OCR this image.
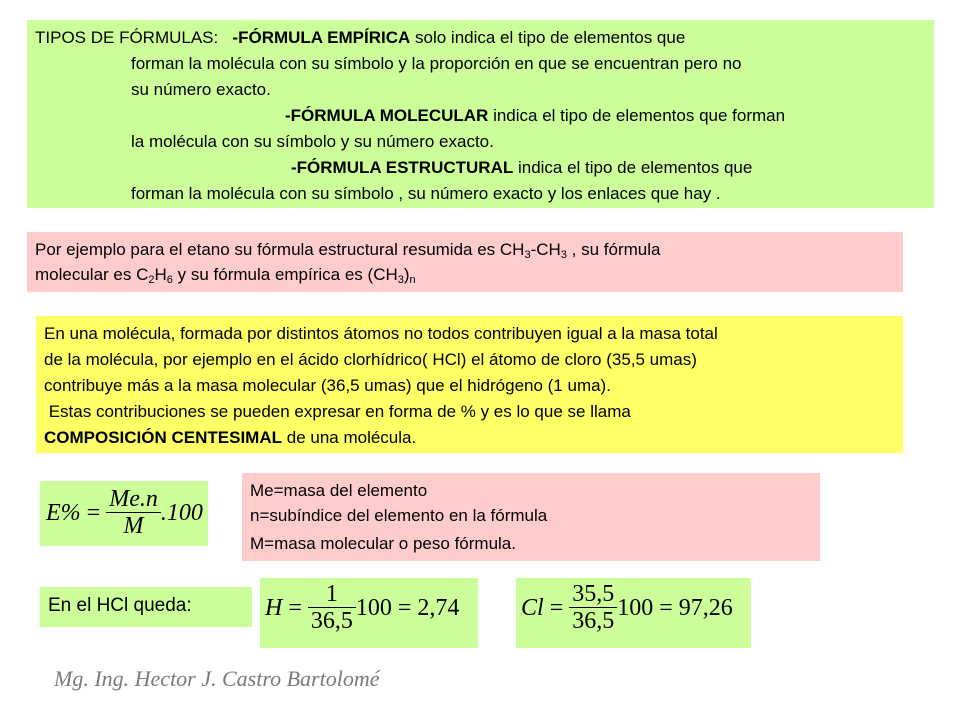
TIPOS DE FÓRMULAS: -FÓRMULA EMPÍRICA solo indica el tipo de elementos que
forman la molécula con su símbolo y la proporción en que se encuentran pero no
su número exacto.
-FÓRMULA MOLECULAR indica el tipo de elementos que forman
la molécula con su símbolo y su número exacto.
-FÓRMULA ESTRUCTURAL indica el tipo de elementos que
forman la molécula con su símbolo , su número exacto y los enlaces que hay .
Por ejemplo para el etano su fórmula estructural resumida es $CH_3-CH_3$ , su fórmula
molecular es $C_2H_6$ y su fórmula empírica es $(CH_3)_n$
En una molécula, formada por distintos átomos no todos contribuyen igual a la masa total
de la molécula, por ejemplo en el ácido clorhídrico( HCl) el átomo de cloro (35,5 umas)
contribuye más a la masa molecular (36,5 umas) que el hidrógeno (1 uma).
Estas contribuciones se pueden expresar en forma de % y es lo que se llama
COMPOSICIÓN CENTESIMAL de una molécula.
$E\% = \frac{Me.n}{M} .100$
Me=masa del elemento
n=subíndice del elemento en la fórmula
M=masa molecular o peso fórmula.
En el HCl queda:	$H = \frac{1}{36,5} 100 = 2,74$	$Cl = \frac{35,5}{36,5} 100 = 97,26$
Mg. Ing. Hector J. Castro Bartolomé
